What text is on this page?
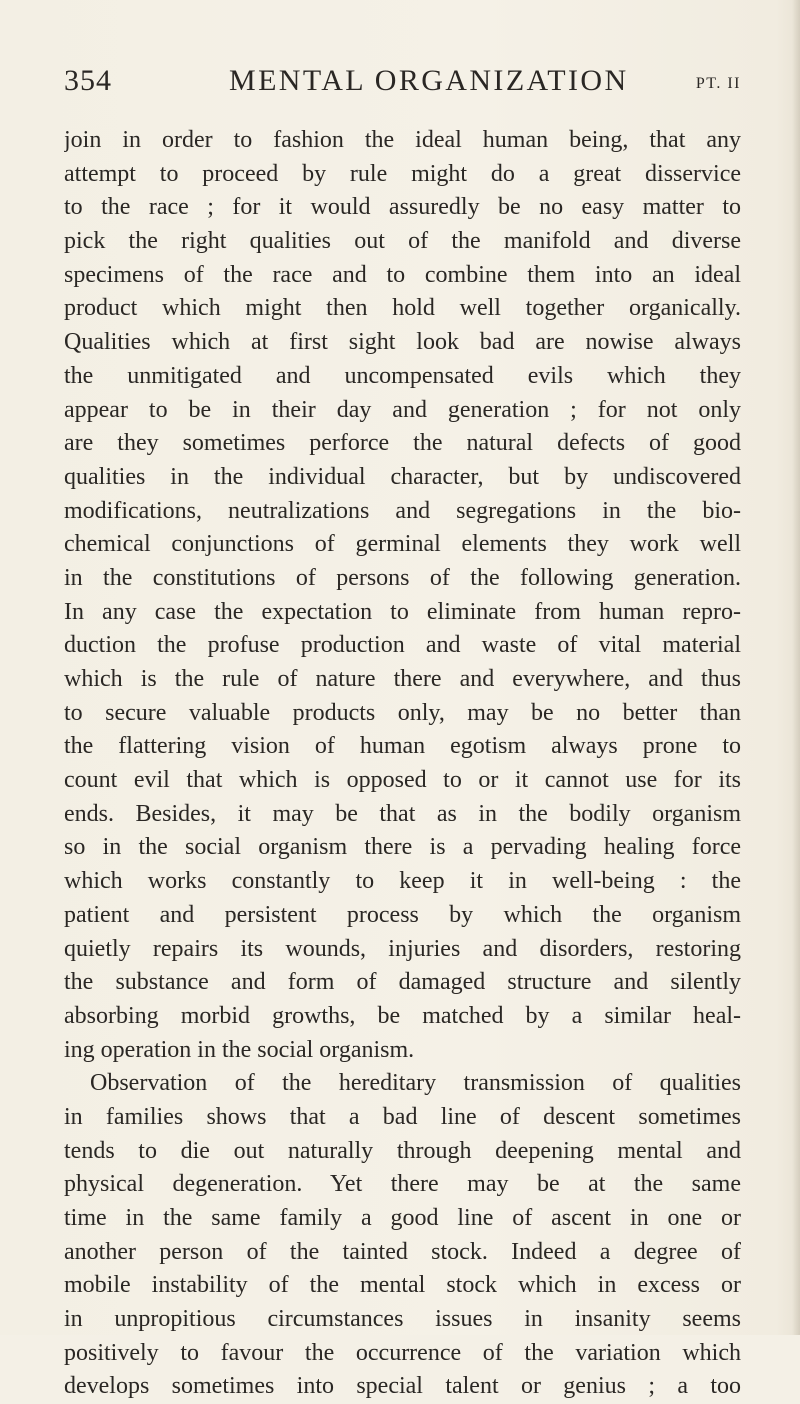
354	MENTAL ORGANIZATION	PT. II
join in order to fashion the ideal human being, that any
attempt to proceed by rule might do a great disservice
to the race ; for it would assuredly be no easy matter to
pick the right qualities out of the manifold and diverse
specimens of the race and to combine them into an ideal
product which might then hold well together organically.
Qualities which at first sight look bad are nowise always
the unmitigated and uncompensated evils which they
appear to be in their day and generation ; for not only
are they sometimes perforce the natural defects of good
qualities in the individual character, but by undiscovered
modifications, neutralizations and segregations in the bio-
chemical conjunctions of germinal elements they work well
in the constitutions of persons of the following generation.
In any case the expectation to eliminate from human repro-
duction the profuse production and waste of vital material
which is the rule of nature there and everywhere, and thus
to secure valuable products only, may be no better than
the flattering vision of human egotism always prone to
count evil that which is opposed to or it cannot use for its
ends. Besides, it may be that as in the bodily organism
so in the social organism there is a pervading healing force
which works constantly to keep it in well-being : the
patient and persistent process by which the organism
quietly repairs its wounds, injuries and disorders, restoring
the substance and form of damaged structure and silently
absorbing morbid growths, be matched by a similar heal-
ing operation in the social organism.
Observation of the hereditary transmission of qualities
in families shows that a bad line of descent sometimes
tends to die out naturally through deepening mental and
physical degeneration. Yet there may be at the same
time in the same family a good line of ascent in one or
another person of the tainted stock. Indeed a degree of
mobile instability of the mental stock which in excess or
in unpropitious circumstances issues in insanity seems
positively to favour the occurrence of the variation which
develops sometimes into special talent or genius ; a too
